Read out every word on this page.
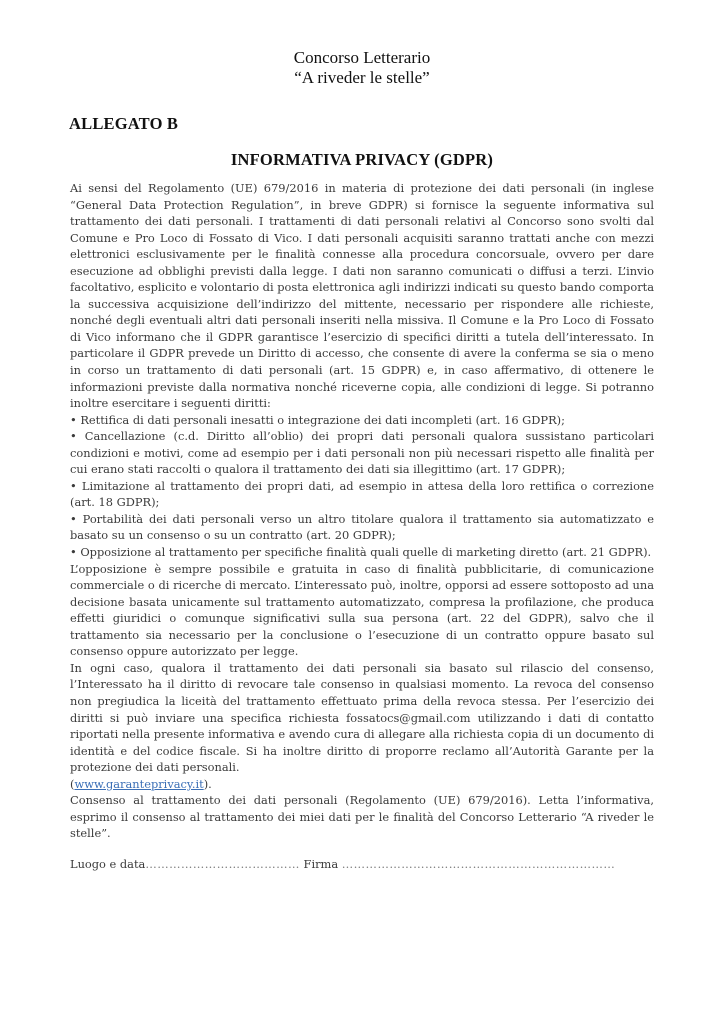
Concorso Letterario
“A riveder le stelle”
ALLEGATO B
INFORMATIVA PRIVACY (GDPR)

Ai sensi del Regolamento (UE) 679/2016 in materia di protezione dei dati personali (in inglese “General Data Protection Regulation”, in breve GDPR) si fornisce la seguente informativa sul trattamento dei dati personali. I trattamenti di dati personali relativi al Concorso sono svolti dal Comune e Pro Loco di Fossato di Vico. I dati personali acquisiti saranno trattati anche con mezzi elettronici esclusivamente per le finalità connesse alla procedura concorsuale, ovvero per dare esecuzione ad obblighi previsti dalla legge. I dati non saranno comunicati o diffusi a terzi. L’invio facoltativo, esplicito e volontario di posta elettronica agli indirizzi indicati su questo bando comporta la successiva acquisizione dell’indirizzo del mittente, necessario per rispondere alle richieste, nonché degli eventuali altri dati personali inseriti nella missiva. Il Comune e la Pro Loco di Fossato di Vico informano che il GDPR garantisce l’esercizio di specifici diritti a tutela dell’interessato. In particolare il GDPR prevede un Diritto di accesso, che consente di avere la conferma se sia o meno in corso un trattamento di dati personali (art. 15 GDPR) e, in caso affermativo, di ottenere le informazioni previste dalla normativa nonché riceverne copia, alle condizioni di legge. Si potranno inoltre esercitare i seguenti diritti:

• Rettifica di dati personali inesatti o integrazione dei dati incompleti (art. 16 GDPR);

• Cancellazione (c.d. Diritto all’oblio) dei propri dati personali qualora sussistano particolari condizioni e motivi, come ad esempio per i dati personali non più necessari rispetto alle finalità per cui erano stati raccolti o qualora il trattamento dei dati sia illegittimo (art. 17 GDPR);

• Limitazione al trattamento dei propri dati, ad esempio in attesa della loro rettifica o correzione (art. 18 GDPR);

• Portabilità dei dati personali verso un altro titolare qualora il trattamento sia automatizzato e basato su un consenso o su un contratto (art. 20 GDPR);

• Opposizione al trattamento per specifiche finalità quali quelle di marketing diretto (art. 21 GDPR).

L’opposizione è sempre possibile e gratuita in caso di finalità pubblicitarie, di comunicazione commerciale o di ricerche di mercato. L’interessato può, inoltre, opporsi ad essere sottoposto ad una decisione basata unicamente sul trattamento automatizzato, compresa la profilazione, che produca effetti giuridici o comunque significativi sulla sua persona (art. 22 del GDPR), salvo che il trattamento sia necessario per la conclusione o l’esecuzione di un contratto oppure basato sul consenso oppure autorizzato per legge.

In ogni caso, qualora il trattamento dei dati personali sia basato sul rilascio del consenso, l’Interessato ha il diritto di revocare tale consenso in qualsiasi momento. La revoca del consenso non pregiudica la liceità del trattamento effettuato prima della revoca stessa. Per l’esercizio dei diritti si può inviare una specifica richiesta fossatocs@gmail.com utilizzando i dati di contatto riportati nella presente informativa e avendo cura di allegare alla richiesta copia di un documento di identità e del codice fiscale. Si ha inoltre diritto di proporre reclamo all’Autorità Garante per la protezione dei dati personali.

(www.garanteprivacy.it).

Consenso al trattamento dei dati personali (Regolamento (UE) 679/2016). Letta l’informativa, esprimo il consenso al trattamento dei miei dati per le finalità del Concorso Letterario “A riveder le stelle”.

Luogo e data………………………………… Firma ……………………………………………………………
